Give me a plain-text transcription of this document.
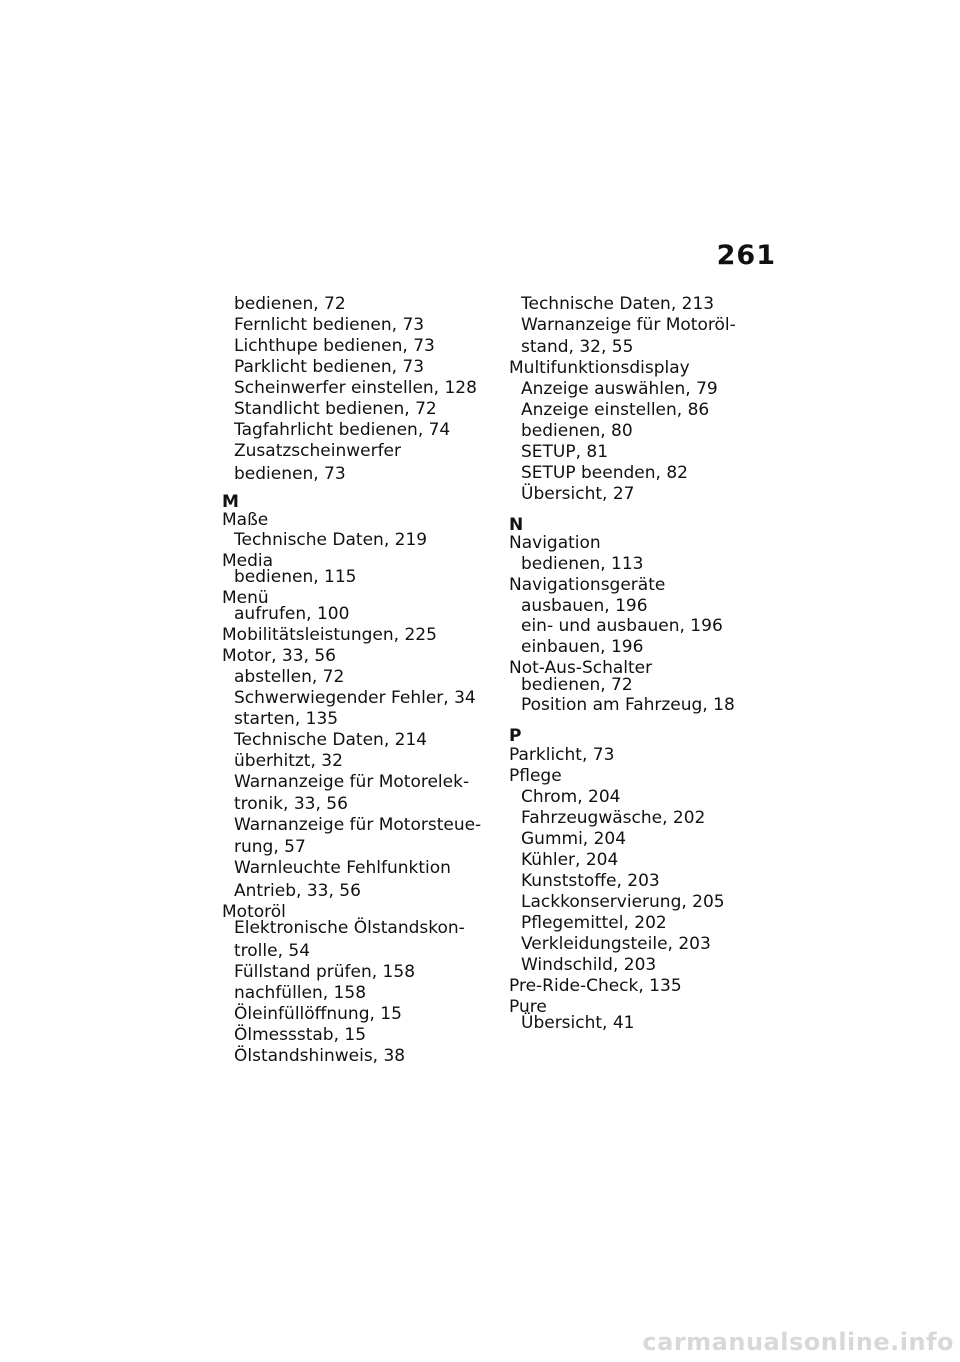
261
bedienen, 72
Fernlicht bedienen, 73
Lichthupe bedienen, 73
Parklicht bedienen, 73
Scheinwerfer einstellen, 128
Standlicht bedienen, 72
Tagfahrlicht bedienen, 74
Zusatzscheinwerfer
bedienen, 73
M
Maße
Technische Daten, 219
Media
bedienen, 115
Menü
aufrufen, 100
Mobilitätsleistungen, 225
Motor, 33, 56
abstellen, 72
Schwerwiegender Fehler, 34
starten, 135
Technische Daten, 214
überhitzt, 32
Warnanzeige für Motorelek-
tronik, 33, 56
Warnanzeige für Motorsteue-
rung, 57
Warnleuchte Fehlfunktion
Antrieb, 33, 56
Motoröl
Elektronische Ölstandskon-
trolle, 54
Füllstand prüfen, 158
nachfüllen, 158
Öleinfüllöffnung, 15
Ölmessstab, 15
Ölstandshinweis, 38
Technische Daten, 213
Warnanzeige für Motoröl-
stand, 32, 55
Multifunktionsdisplay
Anzeige auswählen, 79
Anzeige einstellen, 86
bedienen, 80
SETUP, 81
SETUP beenden, 82
Übersicht, 27
N
Navigation
bedienen, 113
Navigationsgeräte
ausbauen, 196
ein- und ausbauen, 196
einbauen, 196
Not-Aus-Schalter
bedienen, 72
Position am Fahrzeug, 18
P
Parklicht, 73
Pflege
Chrom, 204
Fahrzeugwäsche, 202
Gummi, 204
Kühler, 204
Kunststoffe, 203
Lackkonservierung, 205
Pflegemittel, 202
Verkleidungsteile, 203
Windschild, 203
Pre-Ride-Check, 135
Pure
Übersicht, 41
carmanualsonline.info
